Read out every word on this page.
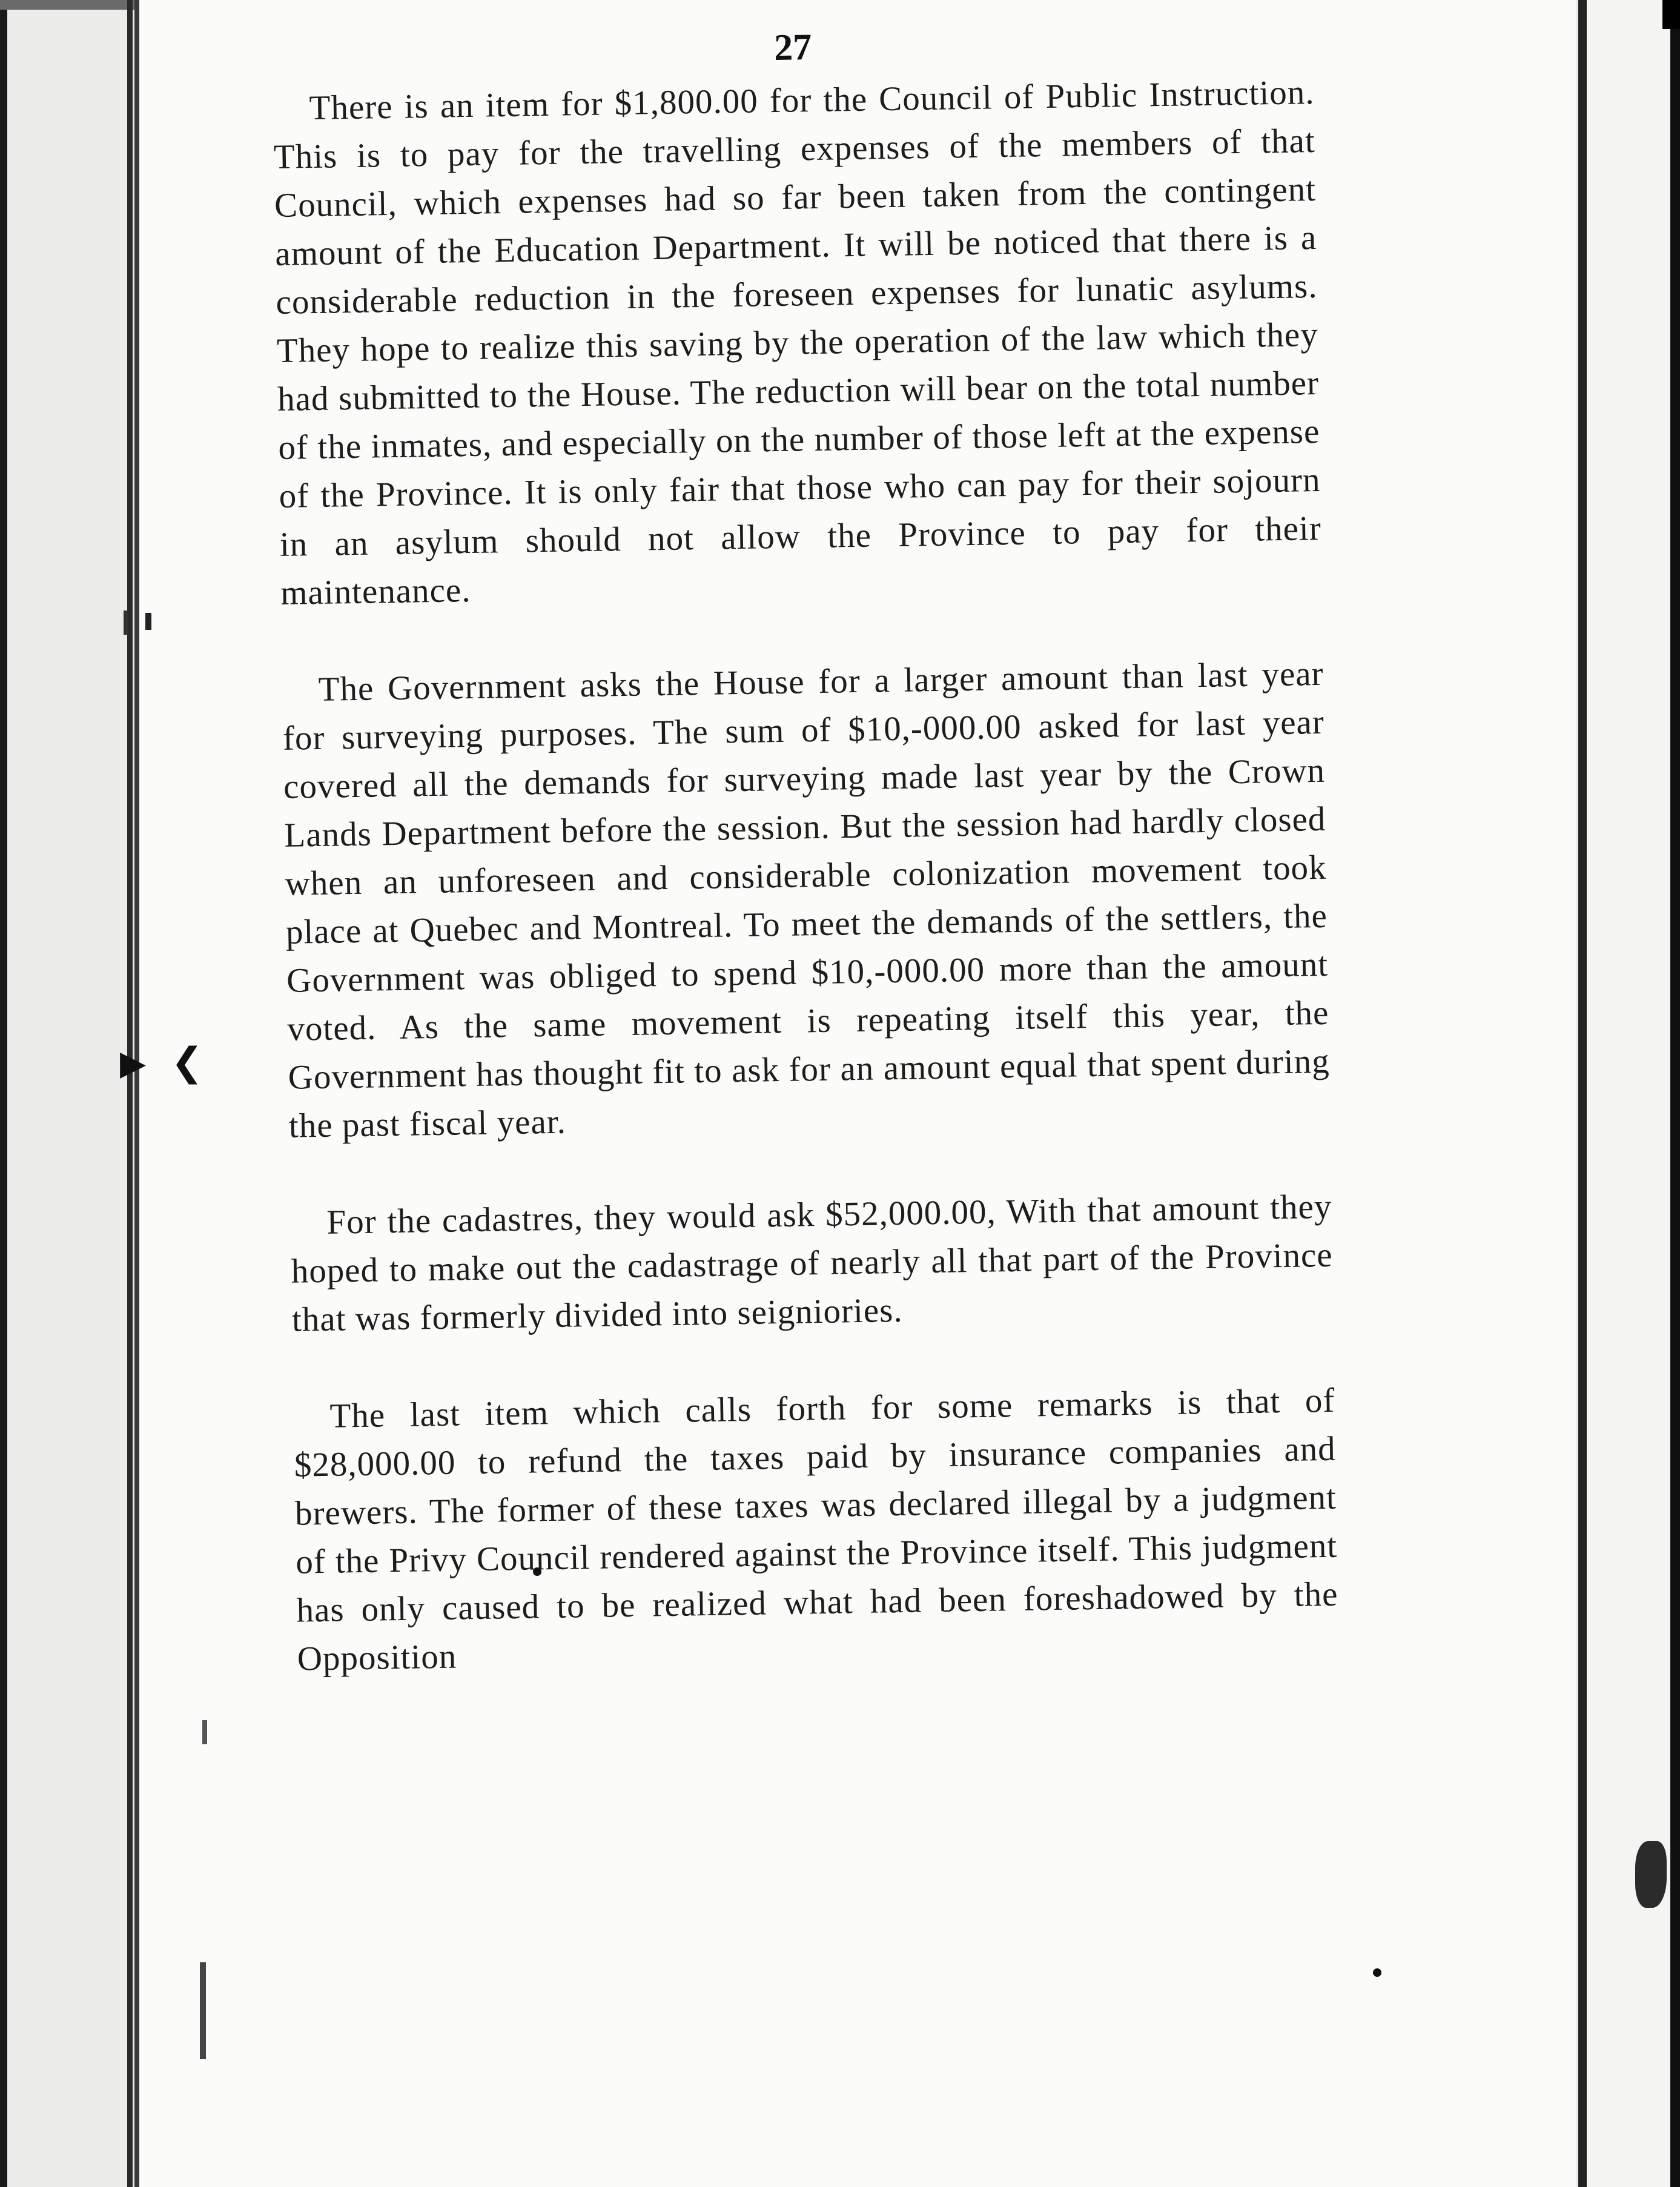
▶ ❮
27

There is an item for $1,800.00 for the Council of Public Instruction. This is to pay for the travelling expenses of the members of that Council, which expenses had so far been taken from the contingent amount of the Education Department. It will be noticed that there is a considerable reduction in the foreseen expenses for lunatic asylums. They hope to realize this saving by the operation of the law which they had submitted to the House. The reduction will bear on the total number of the inmates, and especially on the number of those left at the expense of the Province. It is only fair that those who can pay for their sojourn in an asylum should not allow the Province to pay for their maintenance.

The Government asks the House for a larger amount than last year for surveying purposes. The sum of $10,-000.00 asked for last year covered all the demands for surveying made last year by the Crown Lands Department before the session. But the session had hardly closed when an unforeseen and considerable colonization movement took place at Quebec and Montreal. To meet the demands of the settlers, the Government was obliged to spend $10,-000.00 more than the amount voted. As the same movement is repeating itself this year, the Government has thought fit to ask for an amount equal that spent during the past fiscal year.

For the cadastres, they would ask $52,000.00, With that amount they hoped to make out the cadastrage of nearly all that part of the Province that was formerly divided into seigniories.

The last item which calls forth for some remarks is that of $28,000.00 to refund the taxes paid by insurance companies and brewers. The former of these taxes was declared illegal by a judgment of the Privy Council rendered against the Province itself. This judgment has only caused to be realized what had been foreshadowed by the Opposition
